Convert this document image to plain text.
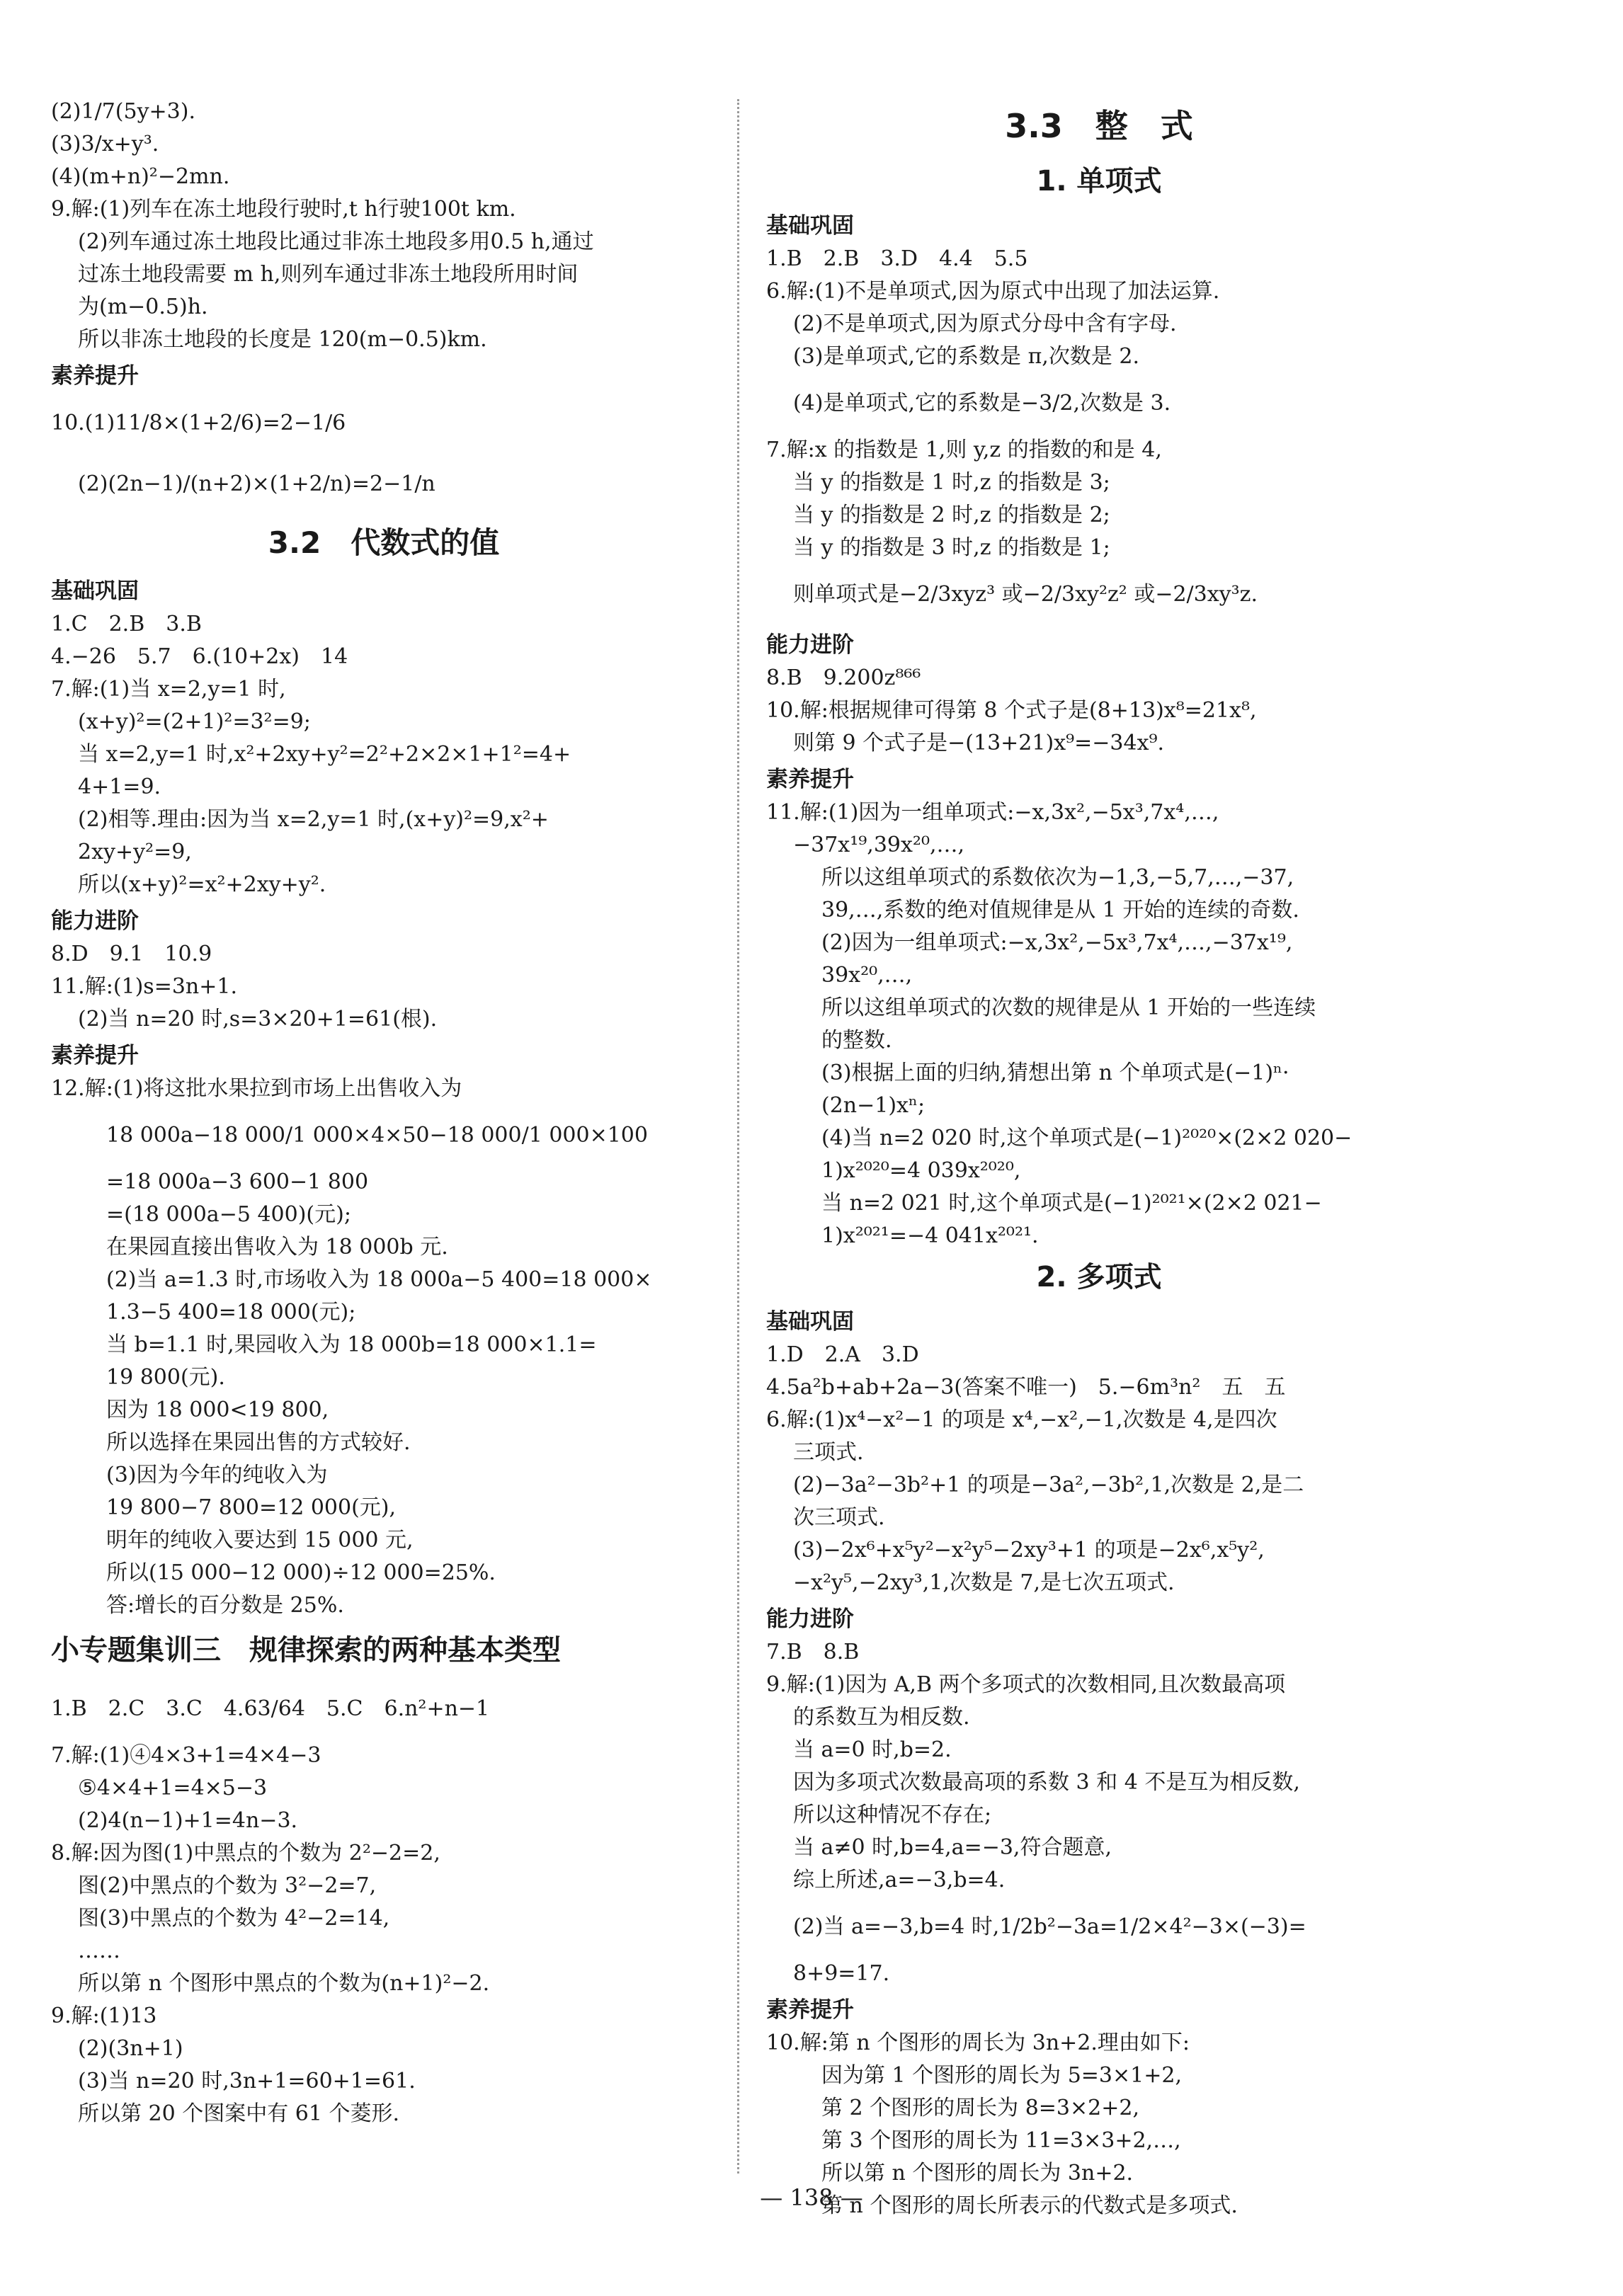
(2)1/7(5y+3).
(3)3/x+y³.
(4)(m+n)²−2mn.
9.解:(1)列车在冻土地段行驶时,t h行驶100t km.
(2)列车通过冻土地段比通过非冻土地段多用0.5 h,通过
过冻土地段需要 m h,则列车通过非冻土地段所用时间
为(m−0.5)h.
所以非冻土地段的长度是 120(m−0.5)km.
素养提升
10.(1)11/8×(1+2/6)=2−1/6
(2)(2n−1)/(n+2)×(1+2/n)=2−1/n
3.2　代数式的值
基础巩固
1.C　2.B　3.B
4.−26　5.7　6.(10+2x)　14
7.解:(1)当 x=2,y=1 时,
(x+y)²=(2+1)²=3²=9;
当 x=2,y=1 时,x²+2xy+y²=2²+2×2×1+1²=4+
4+1=9.
(2)相等.理由:因为当 x=2,y=1 时,(x+y)²=9,x²+
2xy+y²=9,
所以(x+y)²=x²+2xy+y².
能力进阶
8.D　9.1　10.9
11.解:(1)s=3n+1.
(2)当 n=20 时,s=3×20+1=61(根).
素养提升
12.解:(1)将这批水果拉到市场上出售收入为
18 000a−18 000/1 000×4×50−18 000/1 000×100
=18 000a−3 600−1 800
=(18 000a−5 400)(元);
在果园直接出售收入为 18 000b 元.
(2)当 a=1.3 时,市场收入为 18 000a−5 400=18 000×
1.3−5 400=18 000(元);
当 b=1.1 时,果园收入为 18 000b=18 000×1.1=
19 800(元).
因为 18 000<19 800,
所以选择在果园出售的方式较好.
(3)因为今年的纯收入为
19 800−7 800=12 000(元),
明年的纯收入要达到 15 000 元,
所以(15 000−12 000)÷12 000=25%.
答:增长的百分数是 25%.
小专题集训三　规律探索的两种基本类型
1.B　2.C　3.C　4.63/64　5.C　6.n²+n−1
7.解:(1)④4×3+1=4×4−3
⑤4×4+1=4×5−3
(2)4(n−1)+1=4n−3.
8.解:因为图(1)中黑点的个数为 2²−2=2,
图(2)中黑点的个数为 3²−2=7,
图(3)中黑点的个数为 4²−2=14,
……
所以第 n 个图形中黑点的个数为(n+1)²−2.
9.解:(1)13
(2)(3n+1)
(3)当 n=20 时,3n+1=60+1=61.
所以第 20 个图案中有 61 个菱形.
3.3　整　式
1. 单项式
基础巩固
1.B　2.B　3.D　4.4　5.5
6.解:(1)不是单项式,因为原式中出现了加法运算.
(2)不是单项式,因为原式分母中含有字母.
(3)是单项式,它的系数是 π,次数是 2.
(4)是单项式,它的系数是−3/2,次数是 3.
7.解:x 的指数是 1,则 y,z 的指数的和是 4,
当 y 的指数是 1 时,z 的指数是 3;
当 y 的指数是 2 时,z 的指数是 2;
当 y 的指数是 3 时,z 的指数是 1;
则单项式是−2/3xyz³ 或−2/3xy²z² 或−2/3xy³z.
能力进阶
8.B　9.200z⁸⁶⁶
10.解:根据规律可得第 8 个式子是(8+13)x⁸=21x⁸,
则第 9 个式子是−(13+21)x⁹=−34x⁹.
素养提升
11.解:(1)因为一组单项式:−x,3x²,−5x³,7x⁴,…,
−37x¹⁹,39x²⁰,…,
所以这组单项式的系数依次为−1,3,−5,7,…,−37,
39,…,系数的绝对值规律是从 1 开始的连续的奇数.
(2)因为一组单项式:−x,3x²,−5x³,7x⁴,…,−37x¹⁹,
39x²⁰,…,
所以这组单项式的次数的规律是从 1 开始的一些连续
的整数.
(3)根据上面的归纳,猜想出第 n 个单项式是(−1)ⁿ·
(2n−1)xⁿ;
(4)当 n=2 020 时,这个单项式是(−1)²⁰²⁰×(2×2 020−
1)x²⁰²⁰=4 039x²⁰²⁰,
当 n=2 021 时,这个单项式是(−1)²⁰²¹×(2×2 021−
1)x²⁰²¹=−4 041x²⁰²¹.
2. 多项式
基础巩固
1.D　2.A　3.D
4.5a²b+ab+2a−3(答案不唯一)　5.−6m³n²　五　五
6.解:(1)x⁴−x²−1 的项是 x⁴,−x²,−1,次数是 4,是四次
三项式.
(2)−3a²−3b²+1 的项是−3a²,−3b²,1,次数是 2,是二
次三项式.
(3)−2x⁶+x⁵y²−x²y⁵−2xy³+1 的项是−2x⁶,x⁵y²,
−x²y⁵,−2xy³,1,次数是 7,是七次五项式.
能力进阶
7.B　8.B
9.解:(1)因为 A,B 两个多项式的次数相同,且次数最高项
的系数互为相反数.
当 a=0 时,b=2.
因为多项式次数最高项的系数 3 和 4 不是互为相反数,
所以这种情况不存在;
当 a≠0 时,b=4,a=−3,符合题意,
综上所述,a=−3,b=4.
(2)当 a=−3,b=4 时,1/2b²−3a=1/2×4²−3×(−3)=
8+9=17.
素养提升
10.解:第 n 个图形的周长为 3n+2.理由如下:
因为第 1 个图形的周长为 5=3×1+2,
第 2 个图形的周长为 8=3×2+2,
第 3 个图形的周长为 11=3×3+2,…,
所以第 n 个图形的周长为 3n+2.
第 n 个图形的周长所表示的代数式是多项式.
— 138 —
